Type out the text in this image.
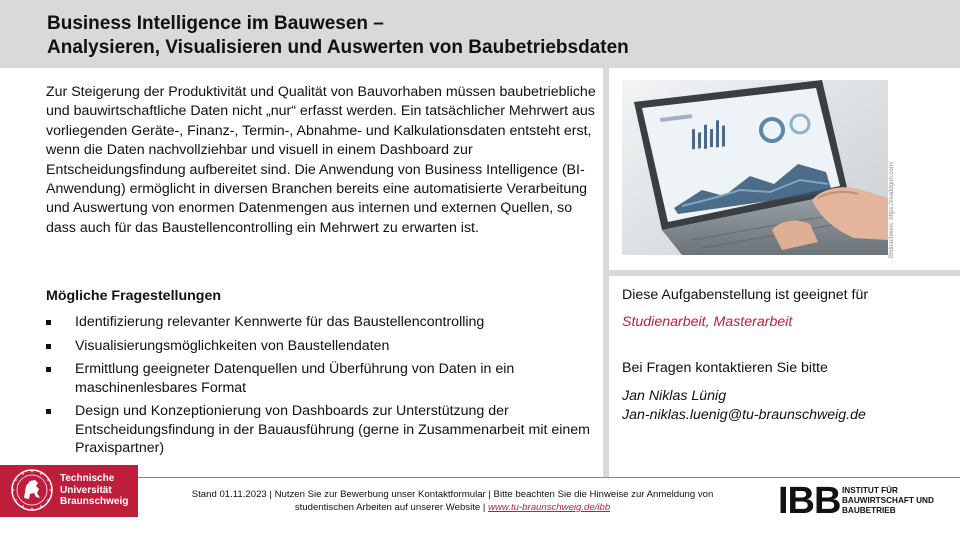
Business Intelligence im Bauwesen –
Analysieren, Visualisieren und Auswerten von Baubetriebsdaten

Zur Steigerung der Produktivität und Qualität von Bauvorhaben müssen baubetriebliche und bauwirtschaftliche Daten nicht „nur“ erfasst werden. Ein tatsächlicher Mehrwert aus vorliegenden Geräte-, Finanz-, Termin-, Abnahme- und Kalkulationsdaten entsteht erst, wenn die Daten nachvollziehbar und visuell in einem Dashboard zur Entscheidungsfindung aufbereitet sind. Die Anwendung von Business Intelligence (BI-Anwendung) ermöglicht in diversen Branchen bereits eine automatisierte Verarbeitung und Auswertung von enormen Datenmengen aus internen und externen Quellen, so dass auch für das Baustellencontrolling ein Mehrwert zu erwarten ist.	Bildnachweis: https://readdgun.com/
Mögliche Fragestellungen
Identifizierung relevanter Kennwerte für das Baustellencontrolling
Visualisierungsmöglichkeiten von Baustellendaten
Ermittlung geeigneter Datenquellen und Überführung von Daten in ein maschinenlesbares Format
Design und Konzeptionierung von Dashboards zur Unterstützung der Entscheidungsfindung in der Bauausführung (gerne in Zusammenarbeit mit einem Praxispartner)

Diese Aufgabenstellung ist geeignet für

Studienarbeit, Masterarbeit

Bei Fragen kontaktieren Sie bitte

Jan Niklas Lünig

Jan-niklas.luenig@tu-braunschweig.de

Technische
Universität
Braunschweig
Stand 01.11.2023 | Nutzen Sie zur Bewerbung unser Kontaktformular | Bitte beachten Sie die Hinweise zur Anmeldung von
studentischen Arbeiten auf unserer Website | www.tu-braunschweig.de/ibb	IBB INSTITUT FÜR
BAUWIRTSCHAFT UND
BAUBETRIEB
